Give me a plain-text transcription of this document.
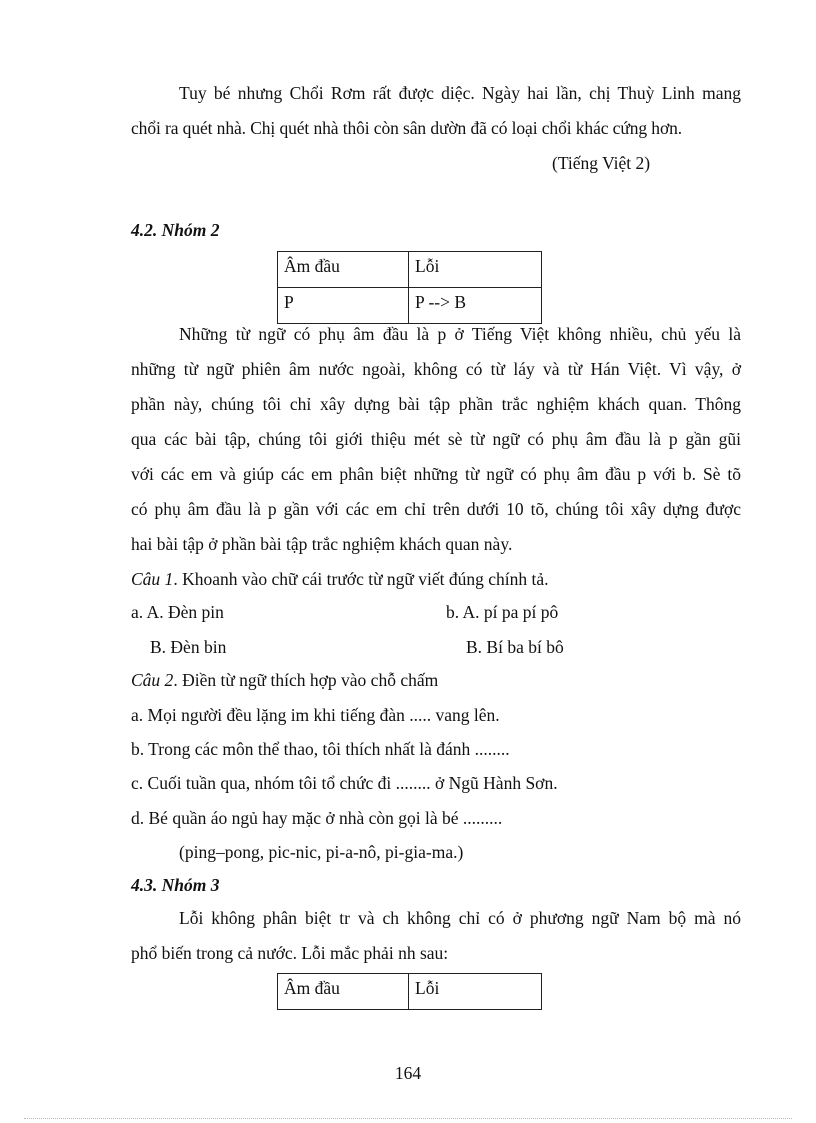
Tuy bé nhưng Chổi Rơm rất được diệc. Ngày hai lần, chị Thuỳ Linh mang
chổi ra quét nhà. Chị quét nhà thôi còn sân dườn đã có loại chổi khác cứng hơn.
(Tiếng Việt 2)
4.2. Nhóm 2
Âm đầu	Lỗi
P	P --> B
Những từ ngữ có phụ âm đầu là p ở Tiếng Việt không nhiều, chủ yếu là
những từ ngữ phiên âm nước ngoài, không có từ láy và từ Hán Việt. Vì vậy, ở
phần này, chúng tôi chỉ xây dựng bài tập phần trắc nghiệm khách quan. Thông
qua các bài tập, chúng tôi giới thiệu mét sè từ ngữ có phụ âm đầu là p gần gũi
với các em và giúp các em phân biệt những từ ngữ có phụ âm đầu p với b. Sè tõ
có phụ âm đầu là p gần với các em chỉ trên dưới 10 tõ, chúng tôi xây dựng được
hai bài tập ở phần bài tập trắc nghiệm khách quan này.
Câu 1. Khoanh vào chữ cái trước từ ngữ viết đúng chính tả.
a. A. Đèn pin	b. A. pí pa pí pô
B. Đèn bin	B. Bí ba bí bô
Câu 2. Điền từ ngữ thích hợp vào chỗ chấm
a. Mọi người đều lặng im khi tiếng đàn ..... vang lên.
b. Trong các môn thể thao, tôi thích nhất là đánh ........
c. Cuối tuần qua, nhóm tôi tổ chức đi ........ ở Ngũ Hành Sơn.
d. Bé quần áo ngủ hay mặc ở nhà còn gọi là bé .........
(ping–pong, pic-nic, pi-a-nô, pi-gia-ma.)
4.3. Nhóm 3
Lỗi không phân biệt tr và ch không chỉ có ở phương ngữ Nam bộ mà nó
phổ biến trong cả nước. Lỗi mắc phải nh sau:
Âm đầu	Lỗi
164
